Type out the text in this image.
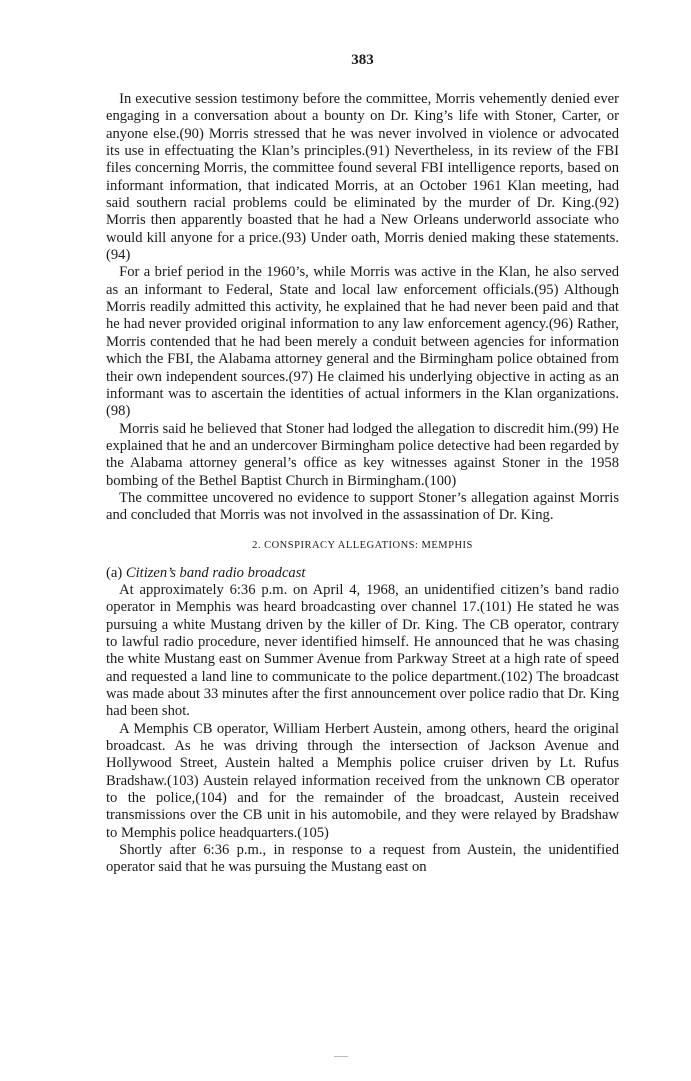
383

In executive session testimony before the committee, Morris vehemently denied ever engaging in a conversation about a bounty on Dr. King’s life with Stoner, Carter, or anyone else.(90) Morris stressed that he was never involved in violence or advocated its use in effectuating the Klan’s principles.(91) Nevertheless, in its review of the FBI files concerning Morris, the committee found several FBI intelligence reports, based on informant information, that indicated Morris, at an October 1961 Klan meeting, had said southern racial problems could be eliminated by the murder of Dr. King.(92) Morris then apparently boasted that he had a New Orleans underworld associate who would kill anyone for a price.(93) Under oath, Morris denied making these statements.(94)

For a brief period in the 1960’s, while Morris was active in the Klan, he also served as an informant to Federal, State and local law enforcement officials.(95) Although Morris readily admitted this activity, he explained that he had never been paid and that he had never provided original information to any law enforcement agency.(96) Rather, Morris contended that he had been merely a conduit between agencies for information which the FBI, the Alabama attorney general and the Birmingham police obtained from their own independent sources.(97) He claimed his underlying objective in acting as an informant was to ascertain the identities of actual informers in the Klan organizations.(98)

Morris said he believed that Stoner had lodged the allegation to discredit him.(99) He explained that he and an undercover Birmingham police detective had been regarded by the Alabama attorney general’s office as key witnesses against Stoner in the 1958 bombing of the Bethel Baptist Church in Birmingham.(100)

The committee uncovered no evidence to support Stoner’s allegation against Morris and concluded that Morris was not involved in the assassination of Dr. King.

2. CONSPIRACY ALLEGATIONS: MEMPHIS

(a) Citizen’s band radio broadcast

At approximately 6:36 p.m. on April 4, 1968, an unidentified citizen’s band radio operator in Memphis was heard broadcasting over channel 17.(101) He stated he was pursuing a white Mustang driven by the killer of Dr. King. The CB operator, contrary to lawful radio procedure, never identified himself. He announced that he was chasing the white Mustang east on Summer Avenue from Parkway Street at a high rate of speed and requested a land line to communicate to the police department.(102) The broadcast was made about 33 minutes after the first announcement over police radio that Dr. King had been shot.

A Memphis CB operator, William Herbert Austein, among others, heard the original broadcast. As he was driving through the intersection of Jackson Avenue and Hollywood Street, Austein halted a Memphis police cruiser driven by Lt. Rufus Bradshaw.(103) Austein relayed information received from the unknown CB operator to the police,(104) and for the remainder of the broadcast, Austein received transmissions over the CB unit in his automobile, and they were relayed by Bradshaw to Memphis police headquarters.(105)

Shortly after 6:36 p.m., in response to a request from Austein, the unidentified operator said that he was pursuing the Mustang east on
